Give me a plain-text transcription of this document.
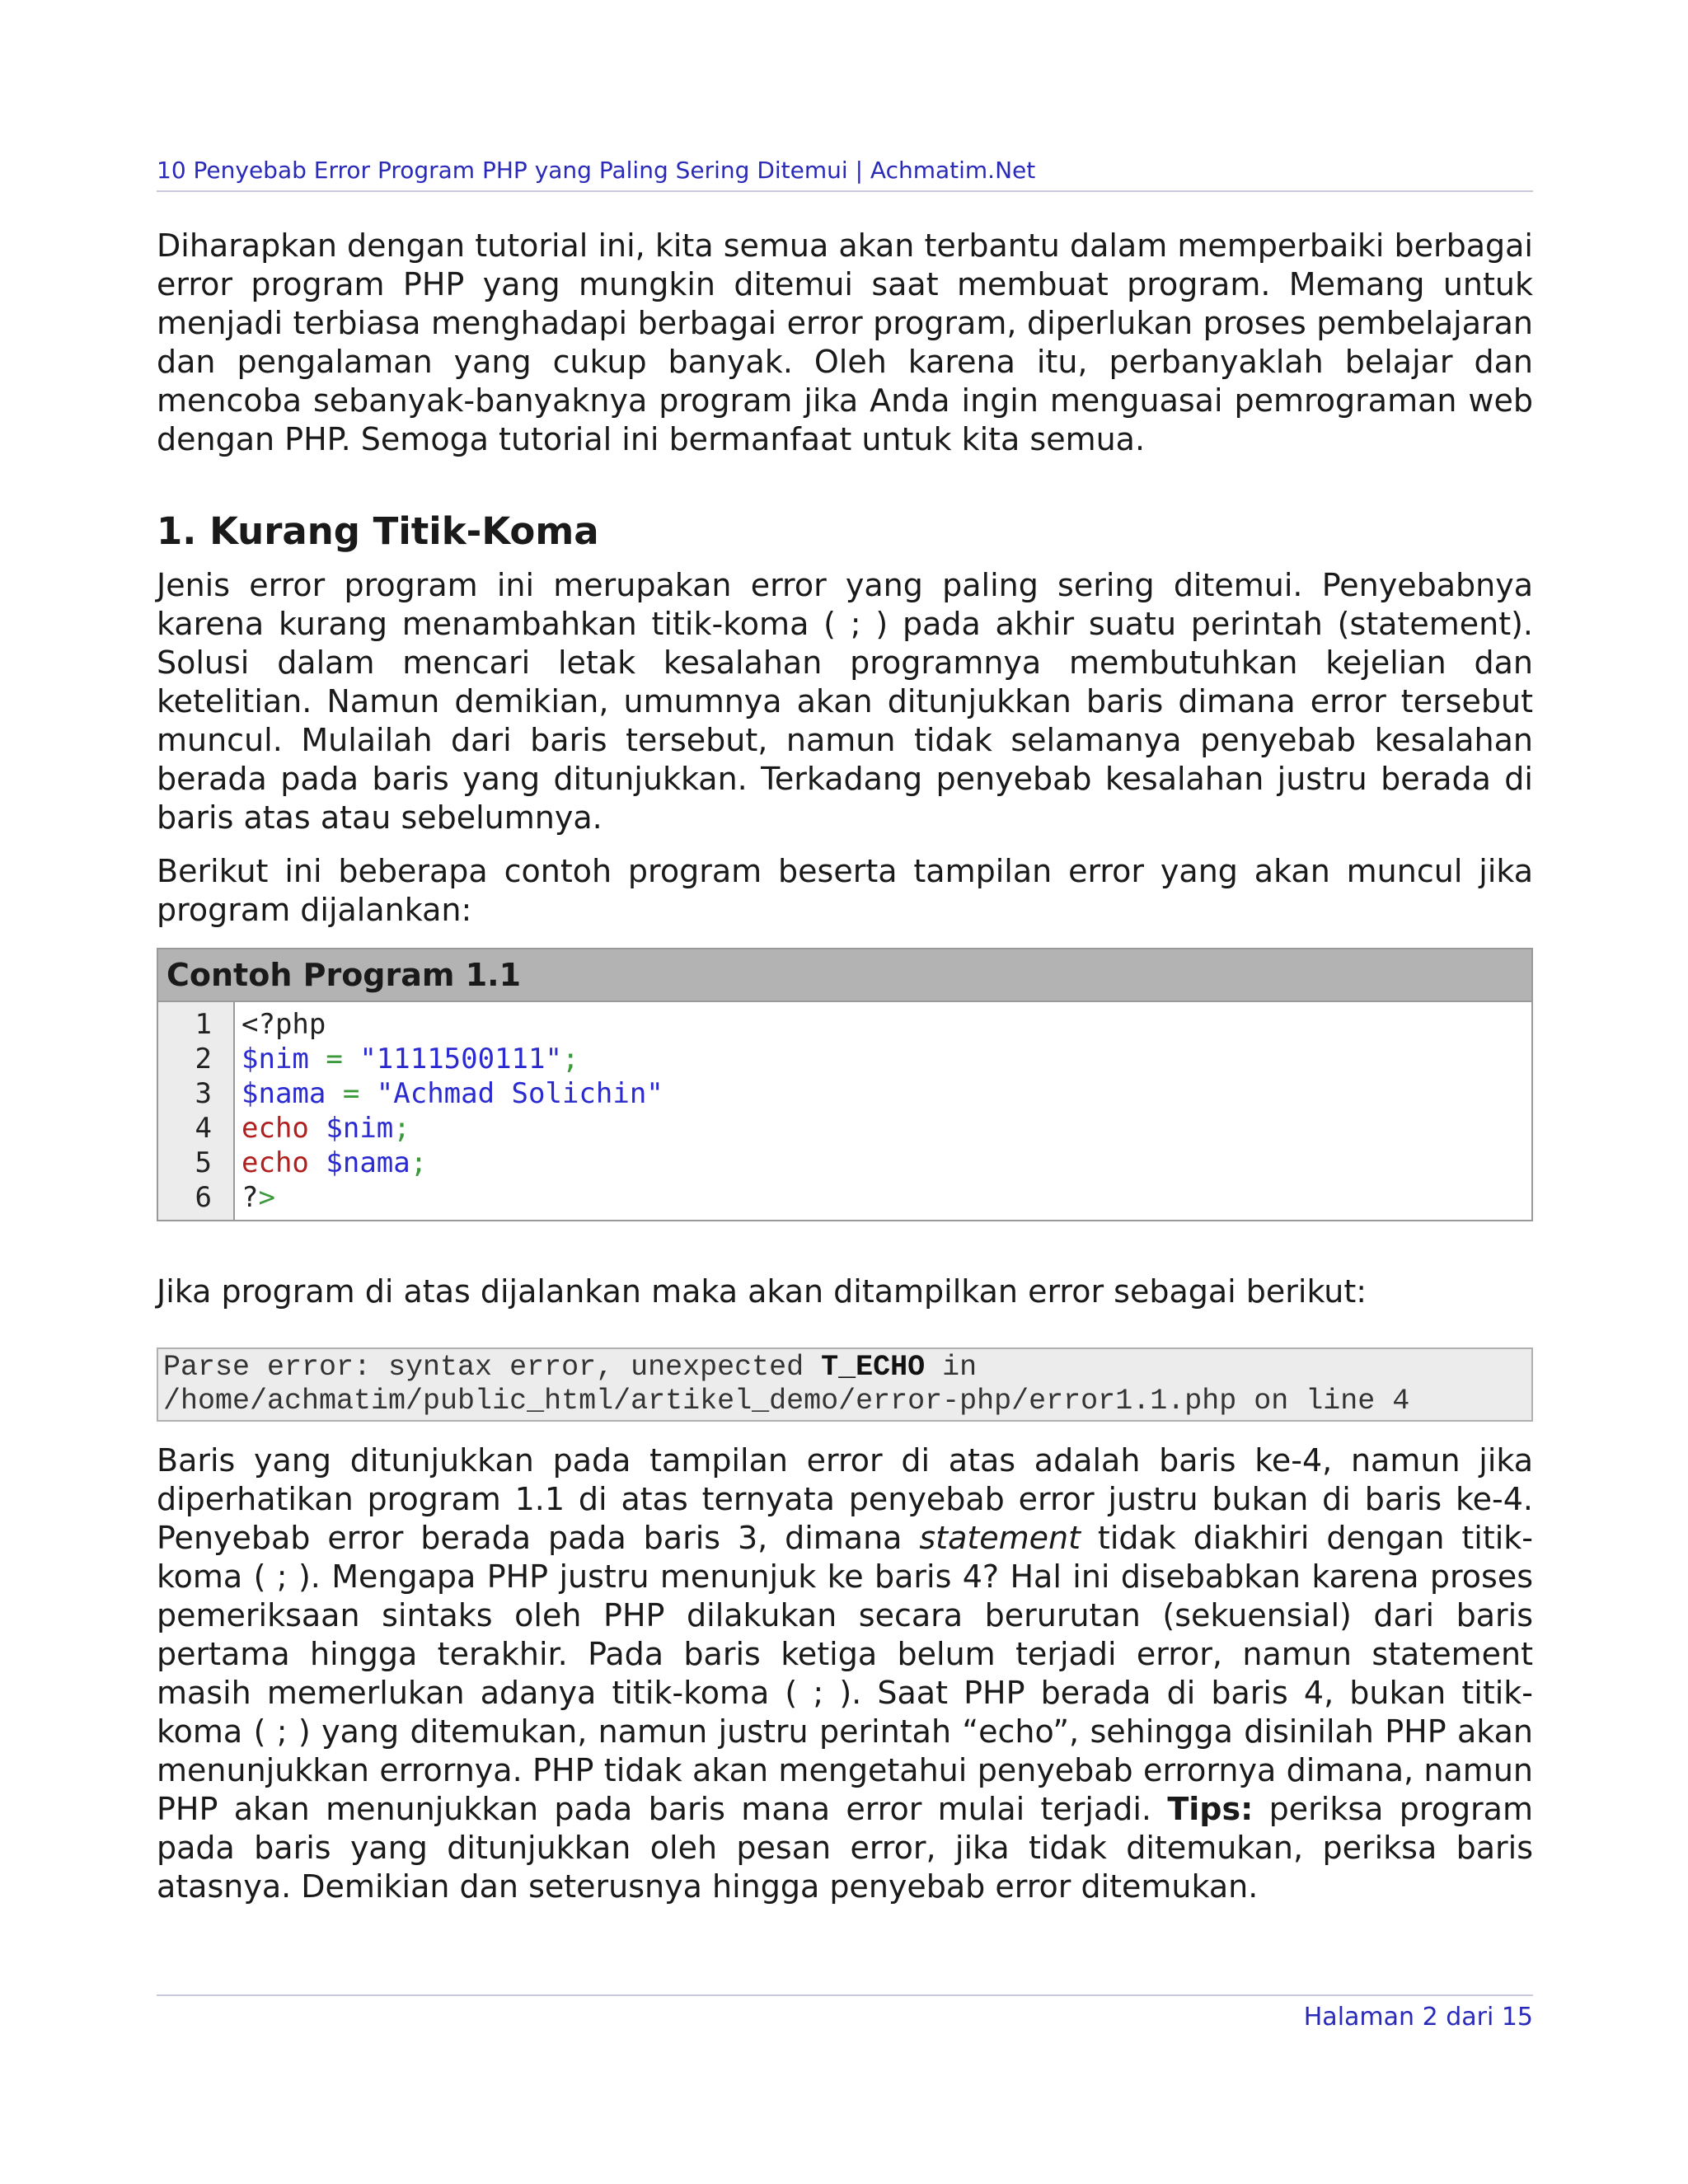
10 Penyebab Error Program PHP yang Paling Sering Ditemui | Achmatim.Net

Diharapkan dengan tutorial ini, kita semua akan terbantu dalam memperbaiki berbagai error program PHP yang mungkin ditemui saat membuat program. Memang untuk menjadi terbiasa menghadapi berbagai error program, diperlukan proses pembelajaran dan pengalaman yang cukup banyak. Oleh karena itu, perbanyaklah belajar dan mencoba sebanyak-banyaknya program jika Anda ingin menguasai pemrograman web dengan PHP. Semoga tutorial ini bermanfaat untuk kita semua.

1. Kurang Titik-Koma

Jenis error program ini merupakan error yang paling sering ditemui. Penyebabnya karena kurang menambahkan titik-koma ( ; ) pada akhir suatu perintah (statement). Solusi dalam mencari letak kesalahan programnya membutuhkan kejelian dan ketelitian. Namun demikian, umumnya akan ditunjukkan baris dimana error tersebut muncul. Mulailah dari baris tersebut, namun tidak selamanya penyebab kesalahan berada pada baris yang ditunjukkan. Terkadang penyebab kesalahan justru berada di baris atas atau sebelumnya.

Berikut ini beberapa contoh program beserta tampilan error yang akan muncul jika program dijalankan:

Contoh Program 1.1
1
2
3
4
5
6
<?php
$nim = "1111500111";
$nama = "Achmad Solichin"
echo $nim;
echo $nama;
?>

Jika program di atas dijalankan maka akan ditampilkan error sebagai berikut:

Parse error: syntax error, unexpected T_ECHO in
/home/achmatim/public_html/artikel_demo/error-php/error1.1.php on line 4

Baris yang ditunjukkan pada tampilan error di atas adalah baris ke-4, namun jika diperhatikan program 1.1 di atas ternyata penyebab error justru bukan di baris ke-4. Penyebab error berada pada baris 3, dimana statement tidak diakhiri dengan titik-koma ( ; ). Mengapa PHP justru menunjuk ke baris 4? Hal ini disebabkan karena proses pemeriksaan sintaks oleh PHP dilakukan secara berurutan (sekuensial) dari baris pertama hingga terakhir. Pada baris ketiga belum terjadi error, namun statement masih memerlukan adanya titik-koma ( ; ). Saat PHP berada di baris 4, bukan titik-koma ( ; ) yang ditemukan, namun justru perintah “echo”, sehingga disinilah PHP akan menunjukkan errornya. PHP tidak akan mengetahui penyebab errornya dimana, namun PHP akan menunjukkan pada baris mana error mulai terjadi. Tips: periksa program pada baris yang ditunjukkan oleh pesan error, jika tidak ditemukan, periksa baris atasnya. Demikian dan seterusnya hingga penyebab error ditemukan.

Halaman 2 dari 15
